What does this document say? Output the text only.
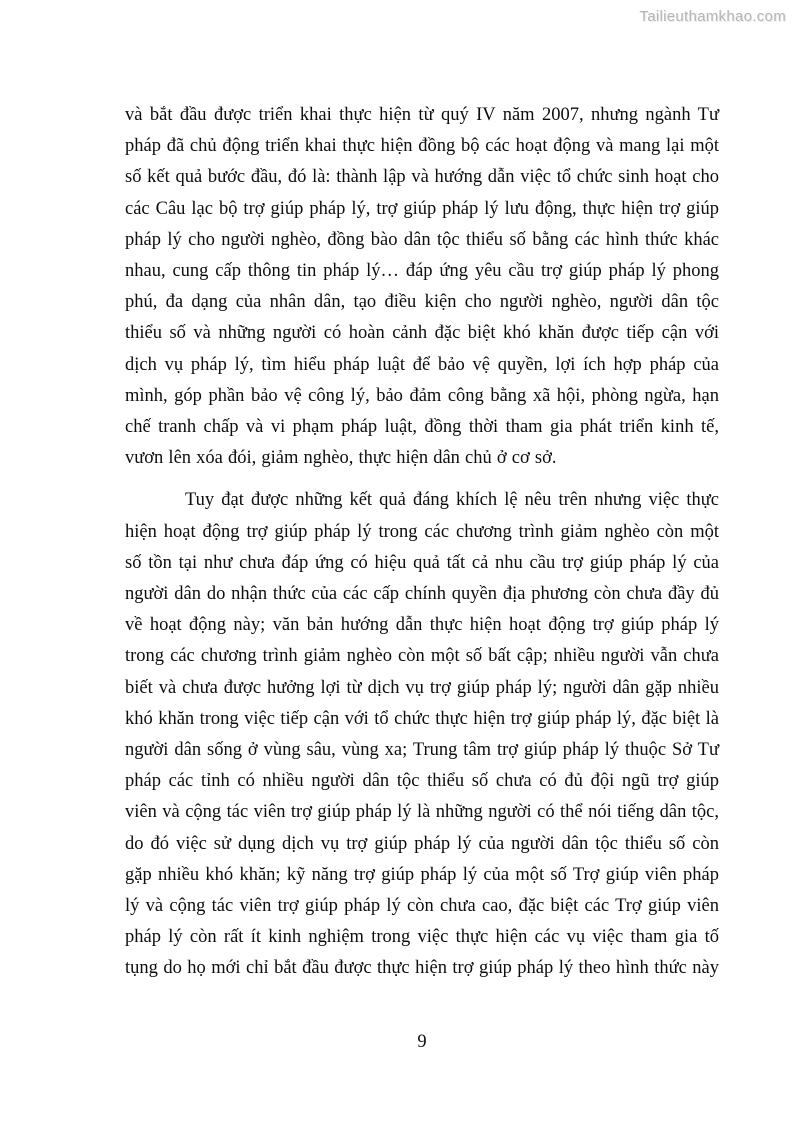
Tailieuthamkhao.com
và bắt đầu được triển khai thực hiện từ quý IV năm 2007, nhưng ngành Tư
pháp đã chủ động triển khai thực hiện đồng bộ các hoạt động và mang lại một
số kết quả bước đầu, đó là: thành lập và hướng dẫn việc tổ chức sinh hoạt cho
các Câu lạc bộ trợ giúp pháp lý, trợ giúp pháp lý lưu động, thực hiện trợ giúp
pháp lý cho người nghèo, đồng bào dân tộc thiểu số bằng các hình thức khác
nhau, cung cấp thông tin pháp lý… đáp ứng yêu cầu trợ giúp pháp lý phong
phú, đa dạng của nhân dân, tạo điều kiện cho người nghèo, người dân tộc
thiểu số và những người có hoàn cảnh đặc biệt khó khăn được tiếp cận với
dịch vụ pháp lý, tìm hiểu pháp luật để bảo vệ quyền, lợi ích hợp pháp của
mình, góp phần bảo vệ công lý, bảo đảm công bằng xã hội, phòng ngừa, hạn
chế tranh chấp và vi phạm pháp luật, đồng thời tham gia phát triển kinh tế,
vươn lên xóa đói, giảm nghèo, thực hiện dân chủ ở cơ sở.
Tuy đạt được những kết quả đáng khích lệ nêu trên nhưng việc thực
hiện hoạt động trợ giúp pháp lý trong các chương trình giảm nghèo còn một
số tồn tại như chưa đáp ứng có hiệu quả tất cả nhu cầu trợ giúp pháp lý của
người dân do nhận thức của các cấp chính quyền địa phương còn chưa đầy đủ
về hoạt động này; văn bản hướng dẫn thực hiện hoạt động trợ giúp pháp lý
trong các chương trình giảm nghèo còn một số bất cập; nhiều người vẫn chưa
biết và chưa được hưởng lợi từ dịch vụ trợ giúp pháp lý; người dân gặp nhiều
khó khăn trong việc tiếp cận với tổ chức thực hiện trợ giúp pháp lý, đặc biệt là
người dân sống ở vùng sâu, vùng xa; Trung tâm trợ giúp pháp lý thuộc Sở Tư
pháp các tỉnh có nhiều người dân tộc thiểu số chưa có đủ đội ngũ trợ giúp
viên và cộng tác viên trợ giúp pháp lý là những người có thể nói tiếng dân tộc,
do đó việc sử dụng dịch vụ trợ giúp pháp lý của người dân tộc thiểu số còn
gặp nhiều khó khăn; kỹ năng trợ giúp pháp lý của một số Trợ giúp viên pháp
lý và cộng tác viên trợ giúp pháp lý còn chưa cao, đặc biệt các Trợ giúp viên
pháp lý còn rất ít kinh nghiệm trong việc thực hiện các vụ việc tham gia tố
tụng do họ mới chỉ bắt đầu được thực hiện trợ giúp pháp lý theo hình thức này
9
